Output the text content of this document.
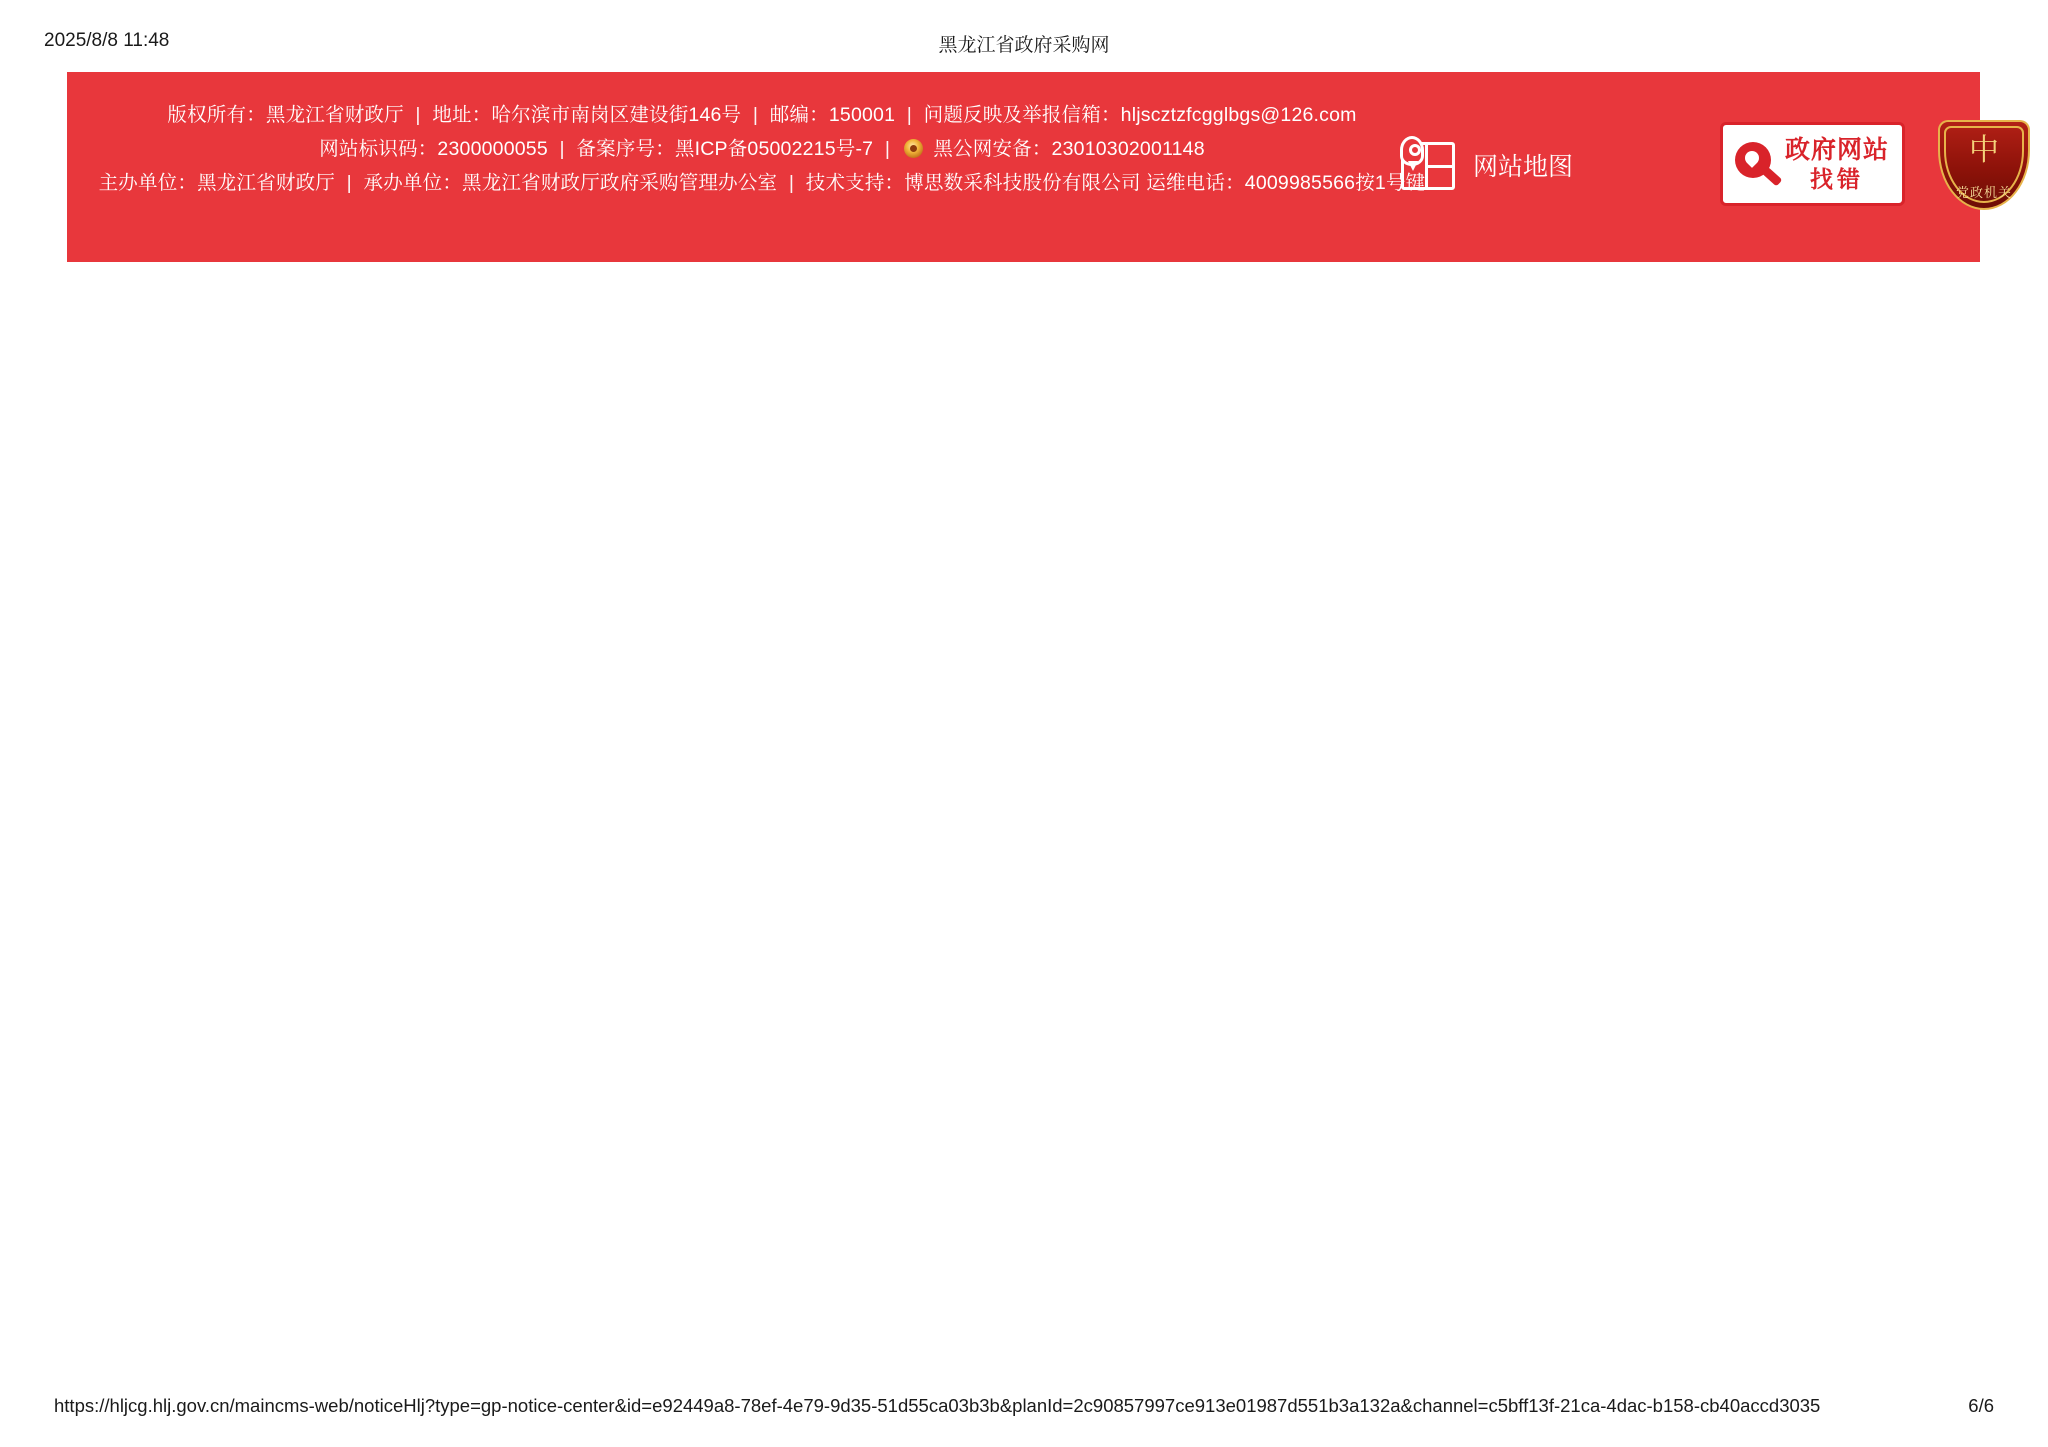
2025/8/8 11:48	黑龙江省政府采购网
版权所有：黑龙江省财政厅 | 地址：哈尔滨市南岗区建设街146号 | 邮编：150001 | 问题反映及举报信箱：hljscztzfcgglbgs@126.com
网站标识码：2300000055 | 备案序号：黑ICP备05002215号-7 | 黑公网安备：23010302001148
主办单位：黑龙江省财政厅 | 承办单位：黑龙江省财政厅政府采购管理办公室 | 技术支持：博思数采科技股份有限公司 运维电话：4009985566按1号键
网站地图
政府网站
找错
中
党政机关
https://hljcg.hlj.gov.cn/maincms-web/noticeHlj?type=gp-notice-center&id=e92449a8-78ef-4e79-9d35-51d55ca03b3b&planId=2c90857997ce913e01987d551b3a132a&channel=c5bff13f-21ca-4dac-b158-cb40accd3035	6/6
